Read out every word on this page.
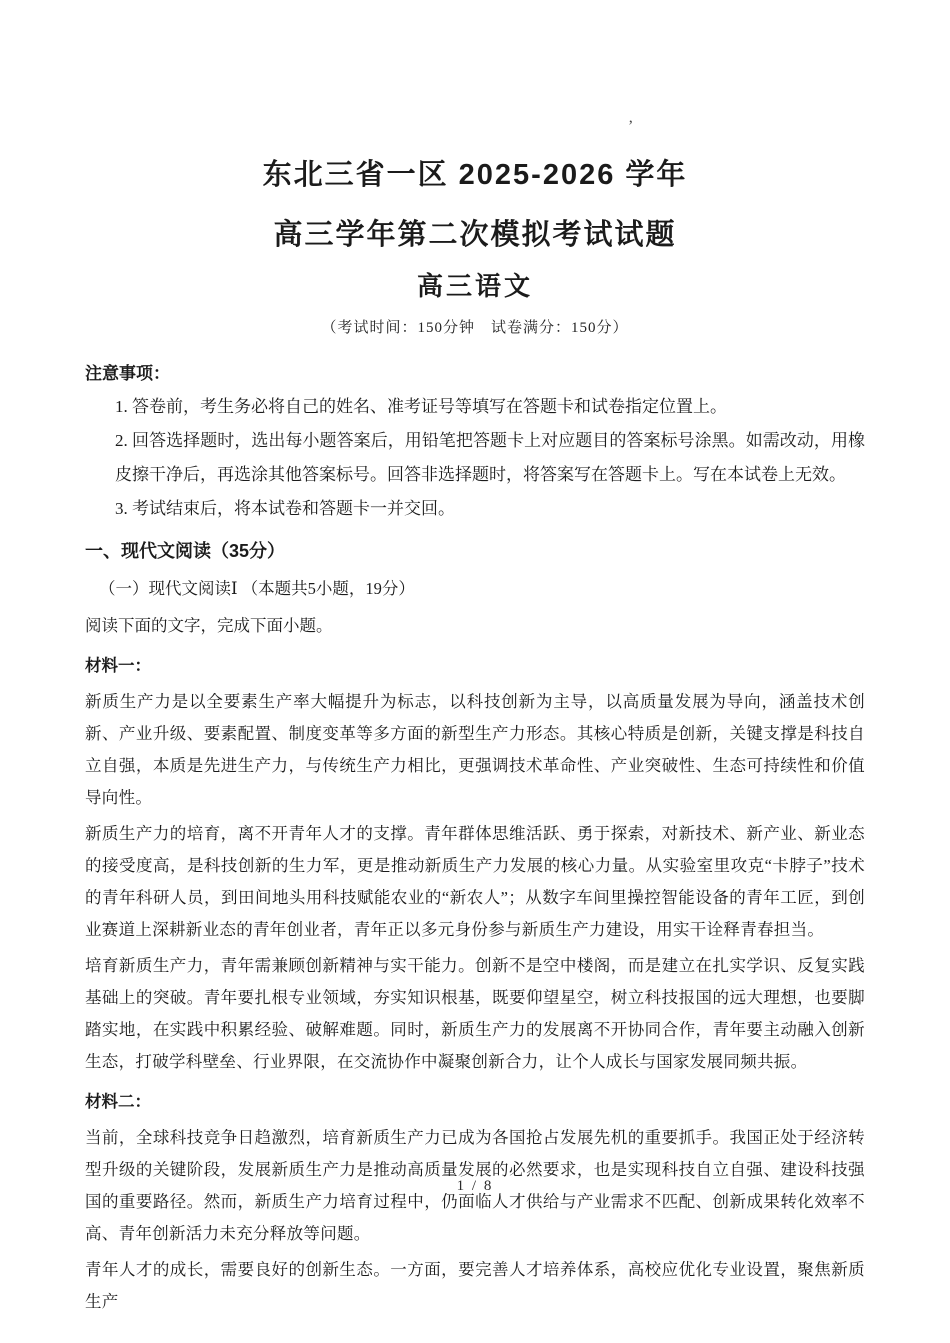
’
东北三省一区 2025-2026 学年
高三学年第二次模拟考试试题
高三语文
（考试时间：150分钟　试卷满分：150分）
注意事项：
1. 答卷前，考生务必将自己的姓名、准考证号等填写在答题卡和试卷指定位置上。
2. 回答选择题时，选出每小题答案后，用铅笔把答题卡上对应题目的答案标号涂黑。如需改动，用橡皮擦干净后，再选涂其他答案标号。回答非选择题时，将答案写在答题卡上。写在本试卷上无效。
3. 考试结束后，将本试卷和答题卡一并交回。
一、现代文阅读（35分）
（一）现代文阅读Ⅰ （本题共5小题，19分）
阅读下面的文字，完成下面小题。
材料一：
新质生产力是以全要素生产率大幅提升为标志，以科技创新为主导，以高质量发展为导向，涵盖技术创新、产业升级、要素配置、制度变革等多方面的新型生产力形态。其核心特质是创新，关键支撑是科技自立自强，本质是先进生产力，与传统生产力相比，更强调技术革命性、产业突破性、生态可持续性和价值导向性。
新质生产力的培育，离不开青年人才的支撑。青年群体思维活跃、勇于探索，对新技术、新产业、新业态的接受度高，是科技创新的生力军，更是推动新质生产力发展的核心力量。从实验室里攻克“卡脖子”技术的青年科研人员，到田间地头用科技赋能农业的“新农人”；从数字车间里操控智能设备的青年工匠，到创业赛道上深耕新业态的青年创业者，青年正以多元身份参与新质生产力建设，用实干诠释青春担当。
培育新质生产力，青年需兼顾创新精神与实干能力。创新不是空中楼阁，而是建立在扎实学识、反复实践基础上的突破。青年要扎根专业领域，夯实知识根基，既要仰望星空，树立科技报国的远大理想，也要脚踏实地，在实践中积累经验、破解难题。同时，新质生产力的发展离不开协同合作，青年要主动融入创新生态，打破学科壁垒、行业界限，在交流协作中凝聚创新合力，让个人成长与国家发展同频共振。
材料二：
当前，全球科技竞争日趋激烈，培育新质生产力已成为各国抢占发展先机的重要抓手。我国正处于经济转型升级的关键阶段，发展新质生产力是推动高质量发展的必然要求，也是实现科技自立自强、建设科技强国的重要路径。然而，新质生产力培育过程中，仍面临人才供给与产业需求不匹配、创新成果转化效率不高、青年创新活力未充分释放等问题。
青年人才的成长，需要良好的创新生态。一方面，要完善人才培养体系，高校应优化专业设置，聚焦新质生产
1 / 8
